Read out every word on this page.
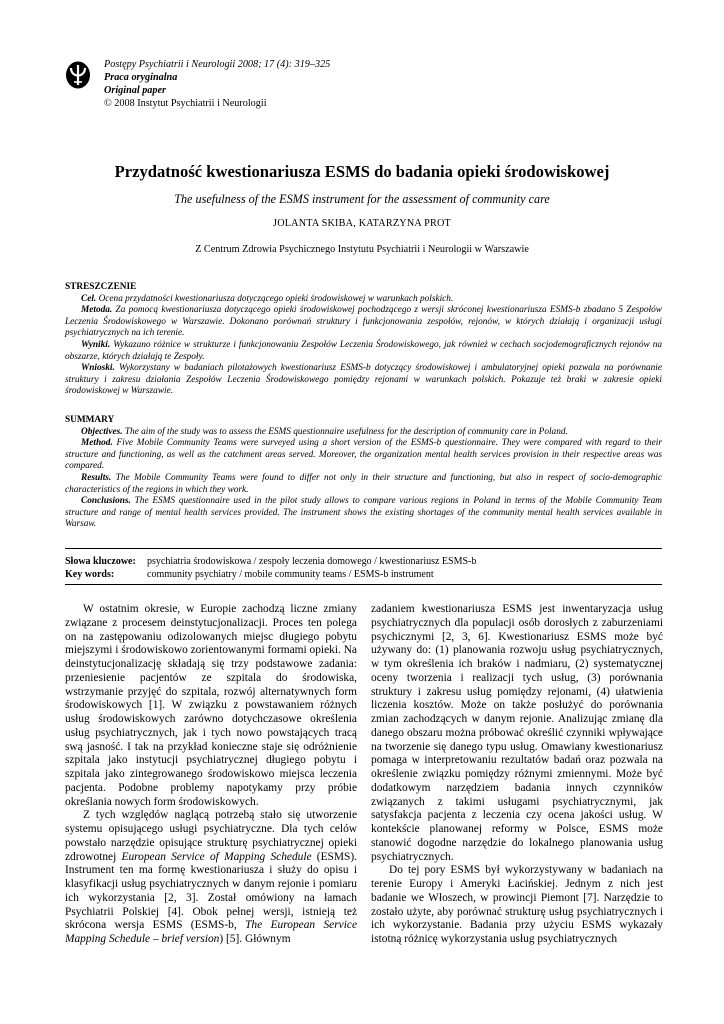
Postępy Psychiatrii i Neurologii 2008; 17 (4): 319–325
Praca oryginalna
Original paper
© 2008 Instytut Psychiatrii i Neurologii
Przydatność kwestionariusza ESMS do badania opieki środowiskowej
The usefulness of the ESMS instrument for the assessment of community care
JOLANTA SKIBA, KATARZYNA PROT
Z Centrum Zdrowia Psychicznego Instytutu Psychiatrii i Neurologii w Warszawie

STRESZCZENIE

Cel. Ocena przydatności kwestionariusza dotyczącego opieki środowiskowej w warunkach polskich.

Metoda. Za pomocą kwestionariusza dotyczącego opieki środowiskowej pochodzącego z wersji skróconej kwestionariusza ESMS-b zbadano 5 Zespołów Leczenia Środowiskowego w Warszawie. Dokonano porównań struktury i funkcjonowania zespołów, rejonów, w których działają i organizacji usługi psychiatrycznych na ich terenie.

Wyniki. Wykazano różnice w strukturze i funkcjonowaniu Zespołów Leczenia Środowiskowego, jak również w cechach socjodemograficznych rejonów na obszarze, których działają te Zespoły.

Wnioski. Wykorzystany w badaniach pilotażowych kwestionariusz ESMS-b dotyczący środowiskowej i ambulatoryjnej opieki pozwala na porównanie struktury i zakresu działania Zespołów Leczenia Środowiskowego pomiędzy rejonami w warunkach polskich. Pokazuje też braki w zakresie opieki środowiskowej w Warszawie.

SUMMARY

Objectives. The aim of the study was to assess the ESMS questionnaire usefulness for the description of community care in Poland.

Method. Five Mobile Community Teams were surveyed using a short version of the ESMS-b questionnaire. They were compared with regard to their structure and functioning, as well as the catchment areas served. Moreover, the organization mental health services provision in their respective areas was compared.

Results. The Mobile Community Teams were found to differ not only in their structure and functioning, but also in respect of socio-demographic characteristics of the regions in which they work.

Conclusions. The ESMS questionnaire used in the pilot study allows to compare various regions in Poland in terms of the Mobile Community Team structure and range of mental health services provided. The instrument shows the existing shortages of the community mental health services available in Warsaw.

Słowa kluczowe:	psychiatria środowiskowa / zespoły leczenia domowego / kwestionariusz ESMS-b
Key words:	community psychiatry / mobile community teams / ESMS-b instrument

W ostatnim okresie, w Europie zachodzą liczne zmiany związane z procesem deinstytucjonalizacji. Proces ten polega on na zastępowaniu odizolowanych miejsc długiego pobytu miejszymi i środowiskowo zorientowanymi formami opieki. Na deinstytucjonalizację składają się trzy podstawowe zadania: przeniesienie pacjentów ze szpitala do środowiska, wstrzymanie przyjęć do szpitala, rozwój alternatywnych form środowiskowych [1]. W związku z powstawaniem różnych usług środowiskowych zarówno dotychczasowe określenia usług psychiatrycznych, jak i tych nowo powstających tracą swą jasność. I tak na przykład konieczne staje się odróżnienie szpitala jako instytucji psychiatrycznej długiego pobytu i szpitala jako zintegrowanego środowiskowo miejsca leczenia pacjenta. Podobne problemy napotykamy przy próbie określania nowych form środowiskowych.

Z tych względów naglącą potrzebą stało się utworzenie systemu opisującego usługi psychiatryczne. Dla tych celów powstało narzędzie opisujące strukturę psychiatrycznej opieki zdrowotnej European Service of Mapping Schedule (ESMS). Instrument ten ma formę kwestionariusza i służy do opisu i klasyfikacji usług psychiatrycznych w danym rejonie i pomiaru ich wykorzystania [2, 3]. Został omówiony na łamach Psychiatrii Polskiej [4]. Obok pełnej wersji, istnieją też skrócona wersja ESMS (ESMS-b, The European Service Mapping Schedule – brief version) [5]. Głównym

zadaniem kwestionariusza ESMS jest inwentaryzacja usług psychiatrycznych dla populacji osób dorosłych z zaburzeniami psychicznymi [2, 3, 6]. Kwestionariusz ESMS może być używany do: (1) planowania rozwoju usług psychiatrycznych, w tym określenia ich braków i nadmiaru, (2) systematycznej oceny tworzenia i realizacji tych usług, (3) porównania struktury i zakresu usług pomiędzy rejonami, (4) ułatwienia liczenia kosztów. Może on także posłużyć do porównania zmian zachodzących w danym rejonie. Analizując zmianę dla danego obszaru można próbować określić czynniki wpływające na tworzenie się danego typu usług. Omawiany kwestionariusz pomaga w interpretowaniu rezultatów badań oraz pozwala na określenie związku pomiędzy różnymi zmiennymi. Może być dodatkowym narzędziem badania innych czynników związanych z takimi usługami psychiatrycznymi, jak satysfakcja pacjenta z leczenia czy ocena jakości usług. W kontekście planowanej reformy w Polsce, ESMS może stanowić dogodne narzędzie do lokalnego planowania usług psychiatrycznych.

Do tej pory ESMS był wykorzystywany w badaniach na terenie Europy i Ameryki Łacińskiej. Jednym z nich jest badanie we Włoszech, w prowincji Piemont [7]. Narzędzie to zostało użyte, aby porównać strukturę usług psychiatrycznych i ich wykorzystanie. Badania przy użyciu ESMS wykazały istotną różnicę wykorzystania usług psychiatrycznych
